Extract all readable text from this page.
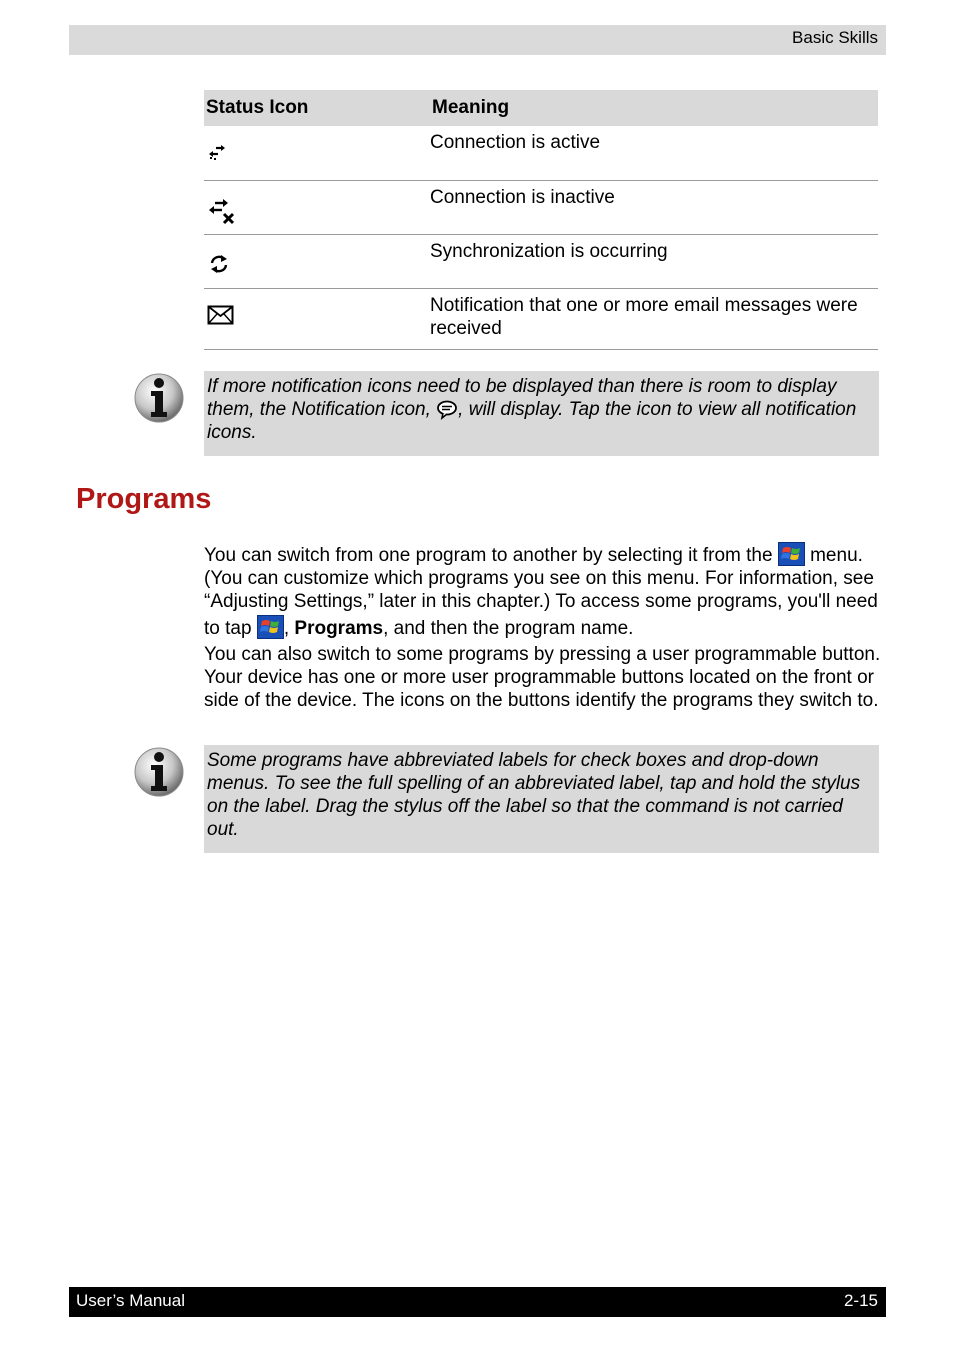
Basic Skills
Status Icon	Meaning

	Connection is active

	Connection is inactive

	Synchronization is occurring

	Notification that one or more email messages were received
If more notification icons need to be displayed than there is room to display them, the Notification icon, , will display. Tap the icon to view all notification icons.
Programs

You can switch from one program to another by selecting it from the  menu. (You can customize which programs you see on this menu. For information, see “Adjusting Settings,” later in this chapter.) To access some programs, you'll need to tap , Programs, and then the program name.

You can also switch to some programs by pressing a user programmable button. Your device has one or more user programmable buttons located on the front or side of the device. The icons on the buttons identify the programs they switch to.

Some programs have abbreviated labels for check boxes and drop-down menus. To see the full spelling of an abbreviated label, tap and hold the stylus on the label. Drag the stylus off the label so that the command is not carried out.
User’s Manual	2-15
